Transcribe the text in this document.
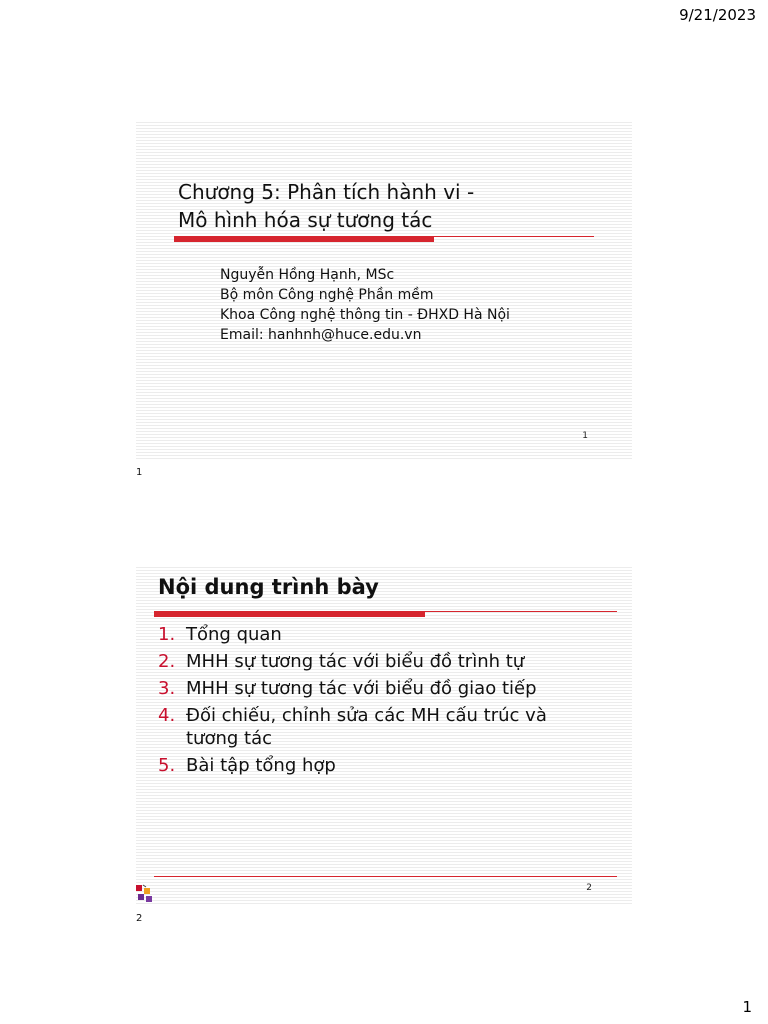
9/21/2023
Chương 5: Phân tích hành vi -
Mô hình hóa sự tương tác
Nguyễn Hồng Hạnh, MSc
Bộ môn Công nghệ Phần mềm
Khoa Công nghệ thông tin - ĐHXD Hà Nội
Email: hanhnh@huce.edu.vn
1
1
Nội dung trình bày
1. Tổng quan
2. MHH sự tương tác với biểu đồ trình tự
3. MHH sự tương tác với biểu đồ giao tiếp
4. Đối chiếu, chỉnh sửa các MH cấu trúc và tương tác
5. Bài tập tổng hợp
2
2
1
